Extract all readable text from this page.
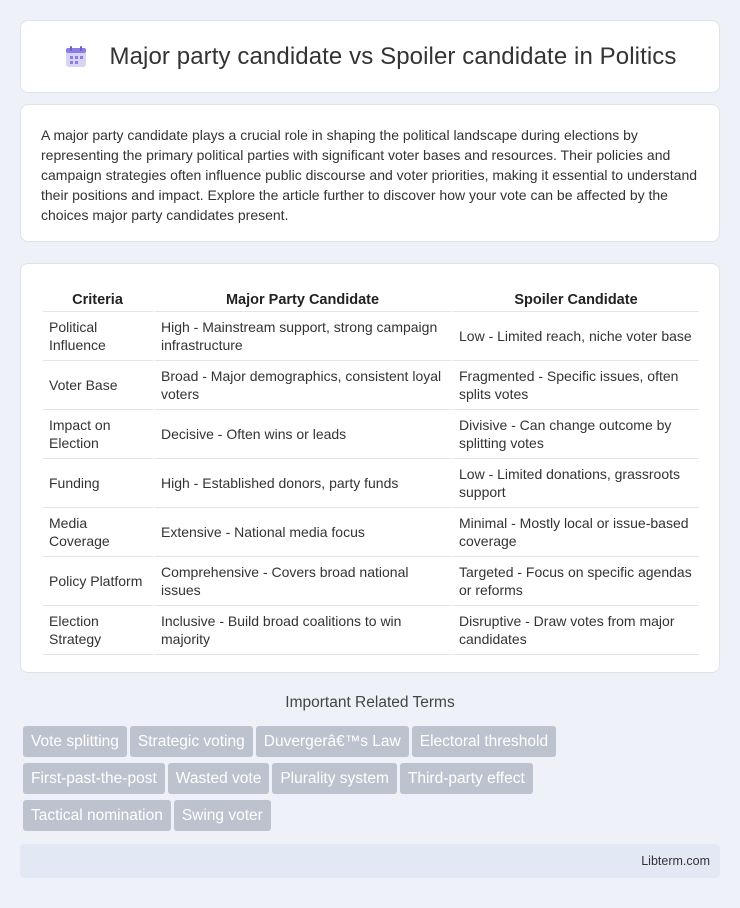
Major party candidate vs Spoiler candidate in Politics

A major party candidate plays a crucial role in shaping the political landscape during elections by representing the primary political parties with significant voter bases and resources. Their policies and campaign strategies often influence public discourse and voter priorities, making it essential to understand their positions and impact. Explore the article further to discover how your vote can be affected by the choices major party candidates present.

Criteria	Major Party Candidate	Spoiler Candidate
Political Influence	High - Mainstream support, strong campaign infrastructure	Low - Limited reach, niche voter base
Voter Base	Broad - Major demographics, consistent loyal voters	Fragmented - Specific issues, often splits votes
Impact on Election	Decisive - Often wins or leads	Divisive - Can change outcome by splitting votes
Funding	High - Established donors, party funds	Low - Limited donations, grassroots support
Media Coverage	Extensive - National media focus	Minimal - Mostly local or issue-based coverage
Policy Platform	Comprehensive - Covers broad national issues	Targeted - Focus on specific agendas or reforms
Election Strategy	Inclusive - Build broad coalitions to win majority	Disruptive - Draw votes from major candidates
Important Related Terms
Vote splitting Strategic voting Duvergerâ€™s Law Electoral threshold
First-past-the-post Wasted vote Plurality system Third-party effect
Tactical nomination Swing voter
Libterm.com
